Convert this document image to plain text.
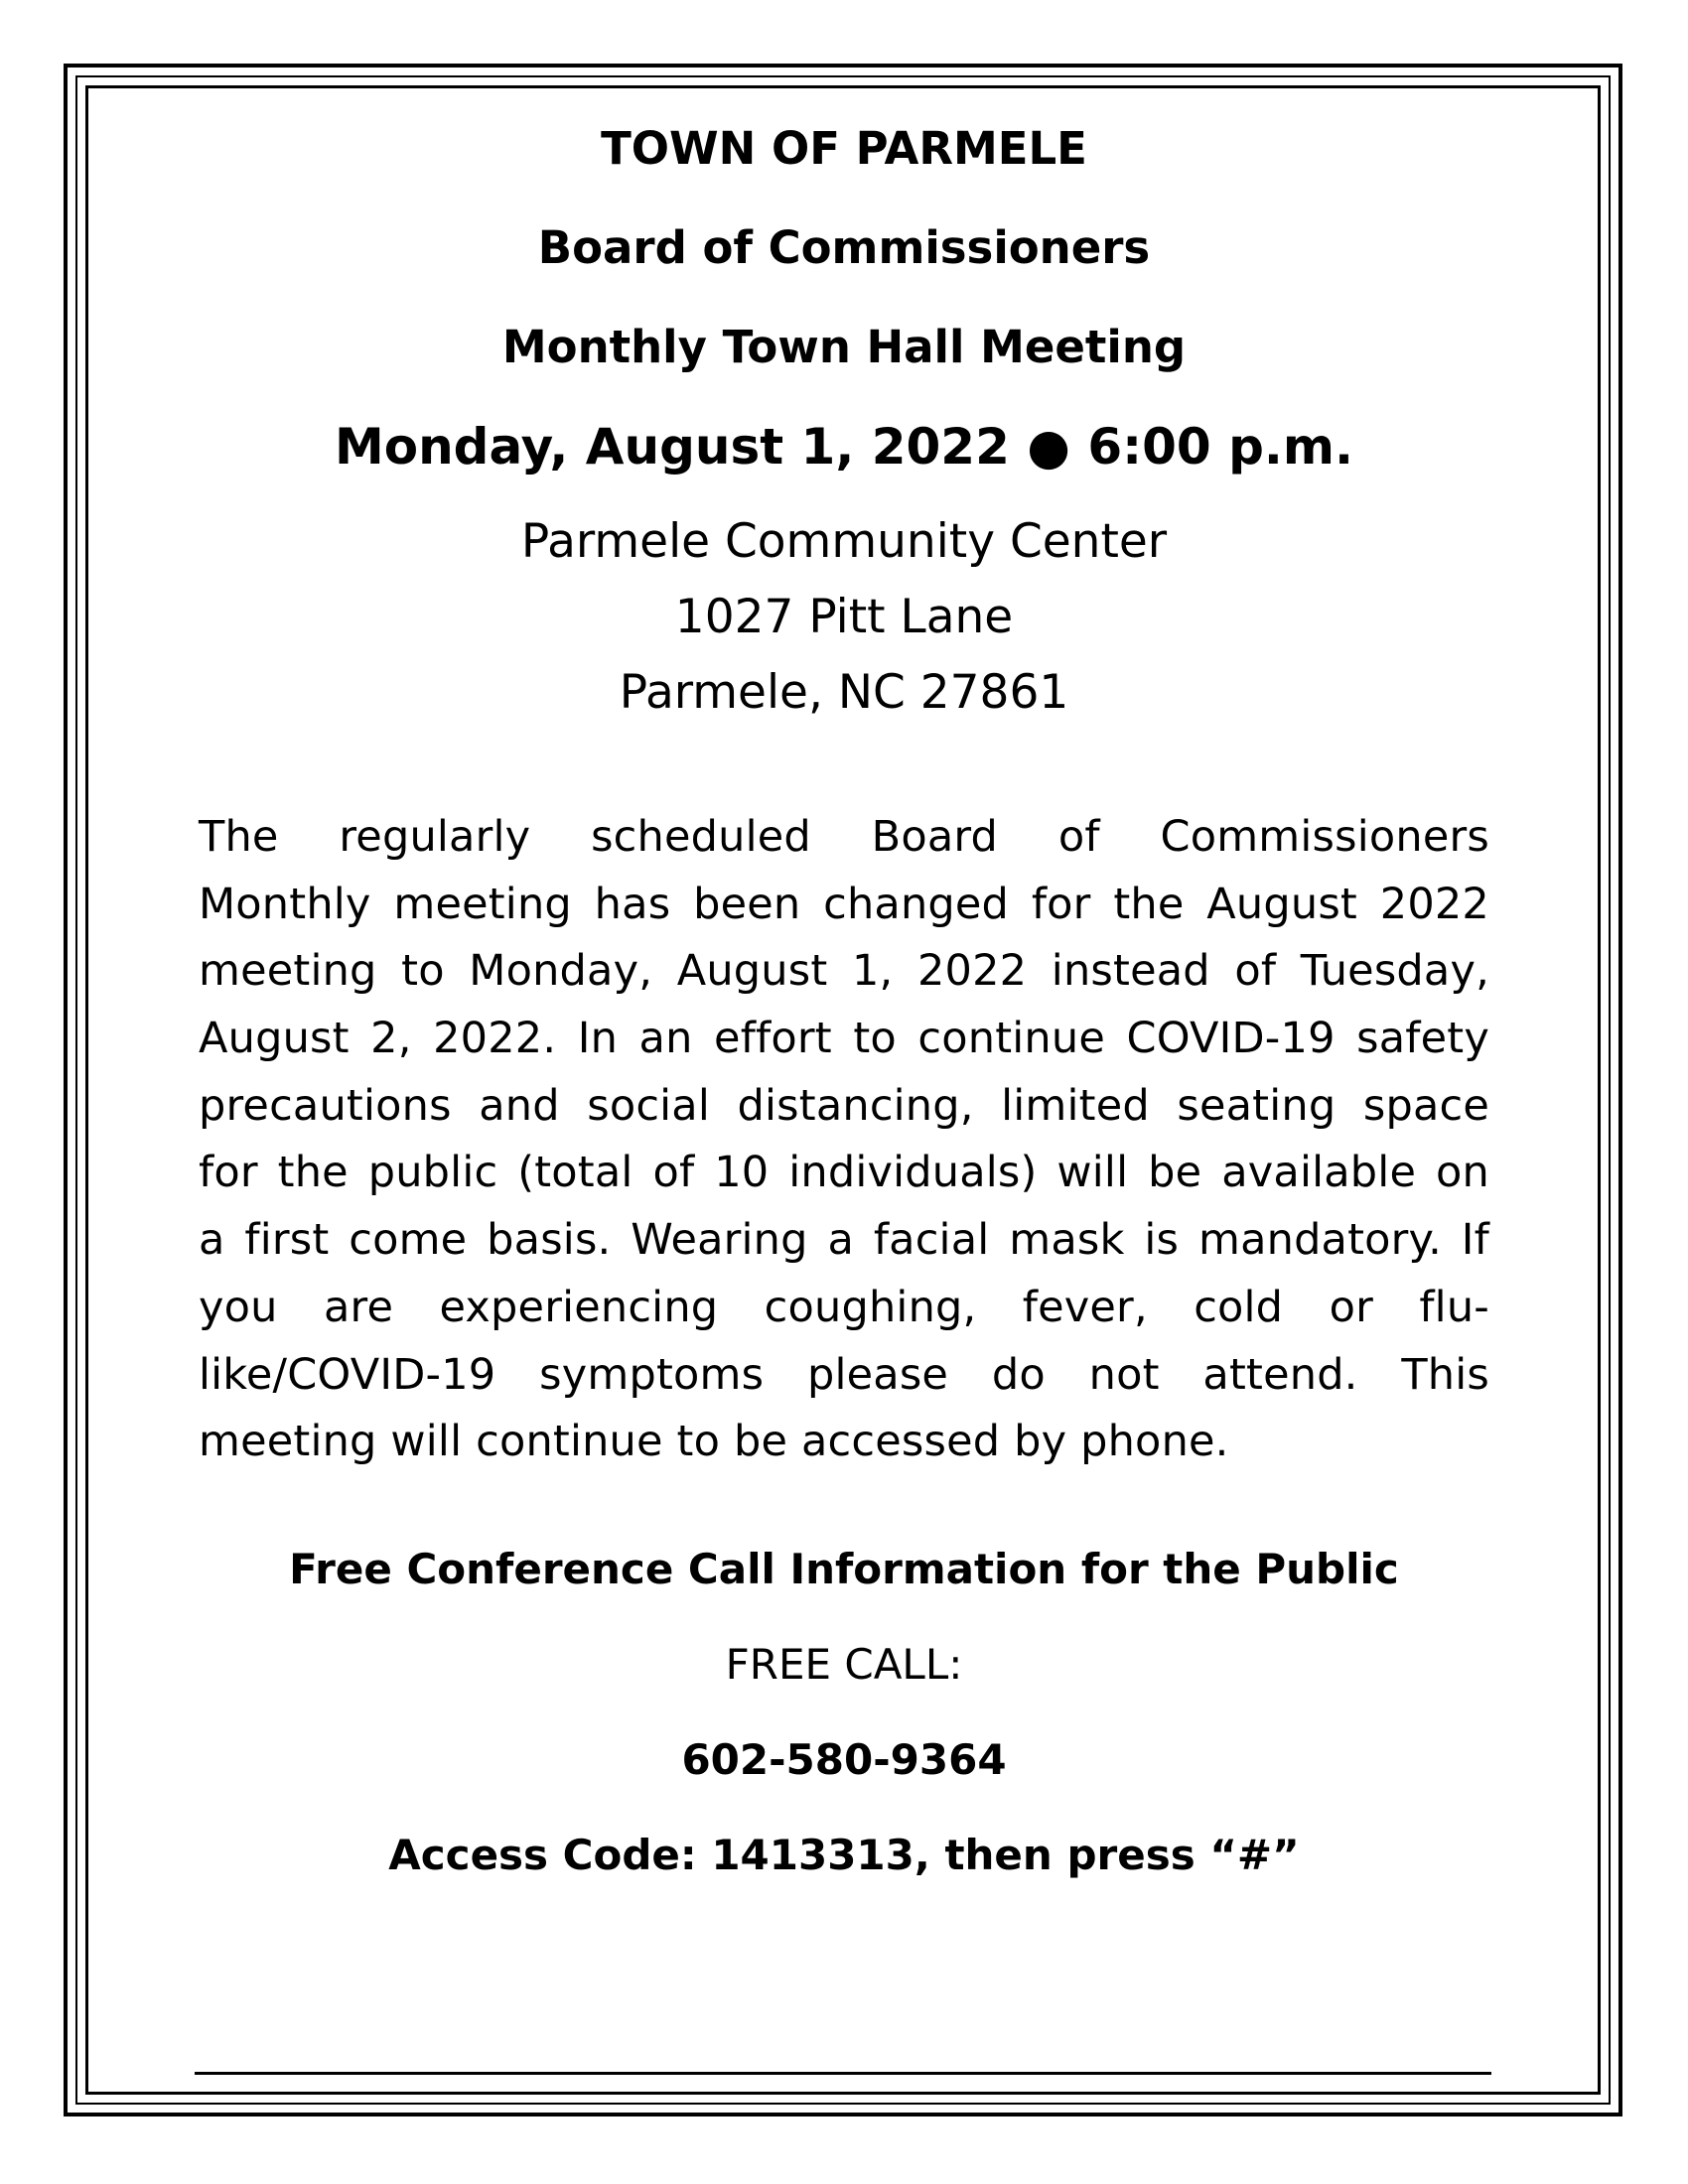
TOWN OF PARMELE
Board of Commissioners
Monthly Town Hall Meeting
Monday, August 1, 2022 ● 6:00 p.m.
Parmele Community Center
1027 Pitt Lane
Parmele, NC 27861
The regularly scheduled Board of Commissioners
Monthly meeting has been changed for the August 2022
meeting to Monday, August 1, 2022 instead of Tuesday,
August 2, 2022. In an effort to continue COVID-19 safety
precautions and social distancing, limited seating space
for the public (total of 10 individuals) will be available on
a first come basis. Wearing a facial mask is mandatory. If
you are experiencing coughing, fever, cold or flu-
like/COVID-19 symptoms please do not attend. This
meeting will continue to be accessed by phone.
Free Conference Call Information for the Public
FREE CALL:
602-580-9364
Access Code: 1413313, then press “#”
